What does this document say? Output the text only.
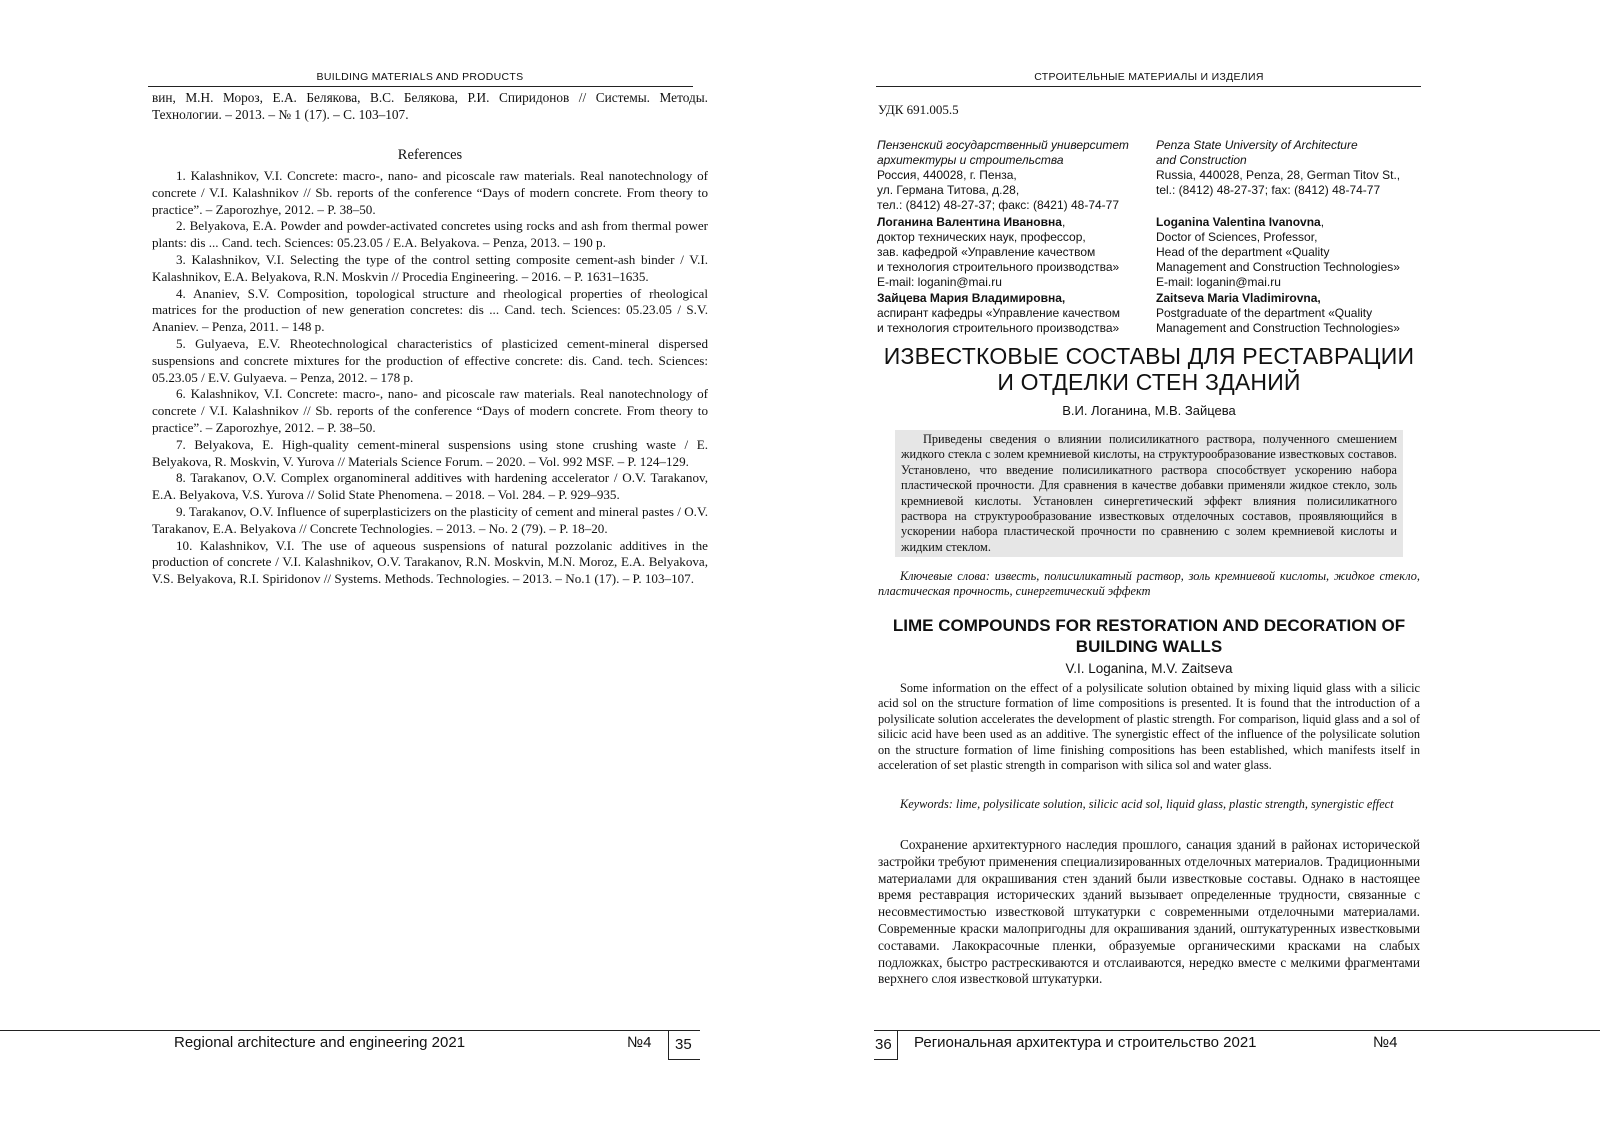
BUILDING MATERIALS AND PRODUCTS
вин, М.Н. Мороз, Е.А. Белякова, В.С. Белякова, Р.И. Спиридонов // Системы. Методы. Технологии. – 2013. – № 1 (17). – С. 103–107.
References

1. Kalashnikov, V.I. Concrete: macro-, nano- and picoscale raw materials. Real nanotechnology of concrete / V.I. Kalashnikov // Sb. reports of the conference “Days of modern concrete. From theory to practice”. – Zaporozhye, 2012. – P. 38–50.

2. Belyakova, E.A. Powder and powder-activated concretes using rocks and ash from thermal power plants: dis ... Cand. tech. Sciences: 05.23.05 / E.A. Belyakova. – Penza, 2013. – 190 p.

3. Kalashnikov, V.I. Selecting the type of the control setting composite cement-ash binder / V.I. Kalashnikov, E.A. Belyakova, R.N. Moskvin // Procedia Engineering. – 2016. – P. 1631–1635.

4. Ananiev, S.V. Composition, topological structure and rheological properties of rheological matrices for the production of new generation concretes: dis ... Cand. tech. Sciences: 05.23.05 / S.V. Ananiev. – Penza, 2011. – 148 p.

5. Gulyaeva, E.V. Rheotechnological characteristics of plasticized cement-mineral dispersed suspensions and concrete mixtures for the production of effective concrete: dis. Cand. tech. Sciences: 05.23.05 / E.V. Gulyaeva. – Penza, 2012. – 178 p.

6. Kalashnikov, V.I. Concrete: macro-, nano- and picoscale raw materials. Real nanotechnology of concrete / V.I. Kalashnikov // Sb. reports of the conference “Days of modern concrete. From theory to practice”. – Zaporozhye, 2012. – P. 38–50.

7. Belyakova, E. High-quality cement-mineral suspensions using stone crushing waste / E. Belyakova, R. Moskvin, V. Yurova // Materials Science Forum. – 2020. – Vol. 992 MSF. – P. 124–129.

8. Tarakanov, O.V. Complex organomineral additives with hardening accelerator / O.V. Tarakanov, E.A. Belyakova, V.S. Yurova // Solid State Phenomena. – 2018. – Vol. 284. – P. 929–935.

9. Tarakanov, O.V. Influence of superplasticizers on the plasticity of cement and mineral pastes / O.V. Tarakanov, E.A. Belyakova // Concrete Technologies. – 2013. – No. 2 (79). – P. 18–20.

10. Kalashnikov, V.I. The use of aqueous suspensions of natural pozzolanic additives in the production of concrete / V.I. Kalashnikov, O.V. Tarakanov, R.N. Moskvin, M.N. Moroz, E.A. Belyakova, V.S. Belyakova, R.I. Spiridonov // Systems. Methods. Technologies. – 2013. – No.1 (17). – P. 103–107.

Regional architecture and engineering 2021	№4	35
СТРОИТЕЛЬНЫЕ МАТЕРИАЛЫ И ИЗДЕЛИЯ
УДК 691.005.5
Пензенский государственный университет
архитектуры и строительства
Россия, 440028, г. Пенза,
ул. Германа Титова, д.28,
тел.: (8412) 48-27-37; факс: (8421) 48-74-77
Логанина Валентина Ивановна,
доктор технических наук, профессор,
зав. кафедрой «Управление качеством
и технология строительного производства»
E-mail: loganin@mai.ru
Зайцева Мария Владимировна,
аспирант кафедры «Управление качеством
и технология строительного производства»
Penza State University of Architecture
and Construction
Russia, 440028, Penza, 28, German Titov St.,
tel.: (8412) 48-27-37; fax: (8412) 48-74-77
Loganina Valentina Ivanovna,
Doctor of Sciences, Professor,
Head of the department «Quality
Management and Construction Technologies»
E-mail: loganin@mai.ru
Zaitseva Maria Vladimirovna,
Postgraduate of the department «Quality
Management and Construction Technologies»
ИЗВЕСТКОВЫЕ СОСТАВЫ ДЛЯ РЕСТАВРАЦИИ
И ОТДЕЛКИ СТЕН ЗДАНИЙ
В.И. Логанина, М.В. Зайцева

Приведены сведения о влиянии полисиликатного раствора, полученного смешением жидкого стекла с золем кремниевой кислоты, на структурообразование известковых составов. Установлено, что введение полисиликатного раствора способствует ускорению набора пластической прочности. Для сравнения в качестве добавки применяли жидкое стекло, золь кремниевой кислоты. Установлен синергетический эффект влияния полисиликатного раствора на структурообразование известковых отделочных составов, проявляющийся в ускорении набора пластической прочности по сравнению с золем кремниевой кислоты и жидким стеклом.

Ключевые слова: известь, полисиликатный раствор, золь кремниевой кислоты, жидкое стекло, пластическая прочность, синергетический эффект
LIME COMPOUNDS FOR RESTORATION AND DECORATION OF
BUILDING WALLS
V.I. Loganina, M.V. Zaitseva
Some information on the effect of a polysilicate solution obtained by mixing liquid glass with a silicic acid sol on the structure formation of lime compositions is presented. It is found that the introduction of a polysilicate solution accelerates the development of plastic strength. For comparison, liquid glass and a sol of silicic acid have been used as an additive. The synergistic effect of the influence of the polysilicate solution on the structure formation of lime finishing compositions has been established, which manifests itself in acceleration of set plastic strength in comparison with silica sol and water glass.
Keywords: lime, polysilicate solution, silicic acid sol, liquid glass, plastic strength, synergistic effect
Сохранение архитектурного наследия прошлого, санация зданий в районах исторической застройки требуют применения специализированных отделочных материалов. Традиционными материалами для окрашивания стен зданий были известковые составы. Однако в настоящее время реставрация исторических зданий вызывает определенные трудности, связанные с несовместимостью известковой штукатурки с современными отделочными материалами. Современные краски малопригодны для окрашивания зданий, оштукатуренных известковыми составами. Лакокрасочные пленки, образуемые органическими красками на слабых подложках, быстро растрескиваются и отслаиваются, нередко вместе с мелкими фрагментами верхнего слоя известковой штукатурки.
36	Региональная архитектура и строительство 2021	№4
